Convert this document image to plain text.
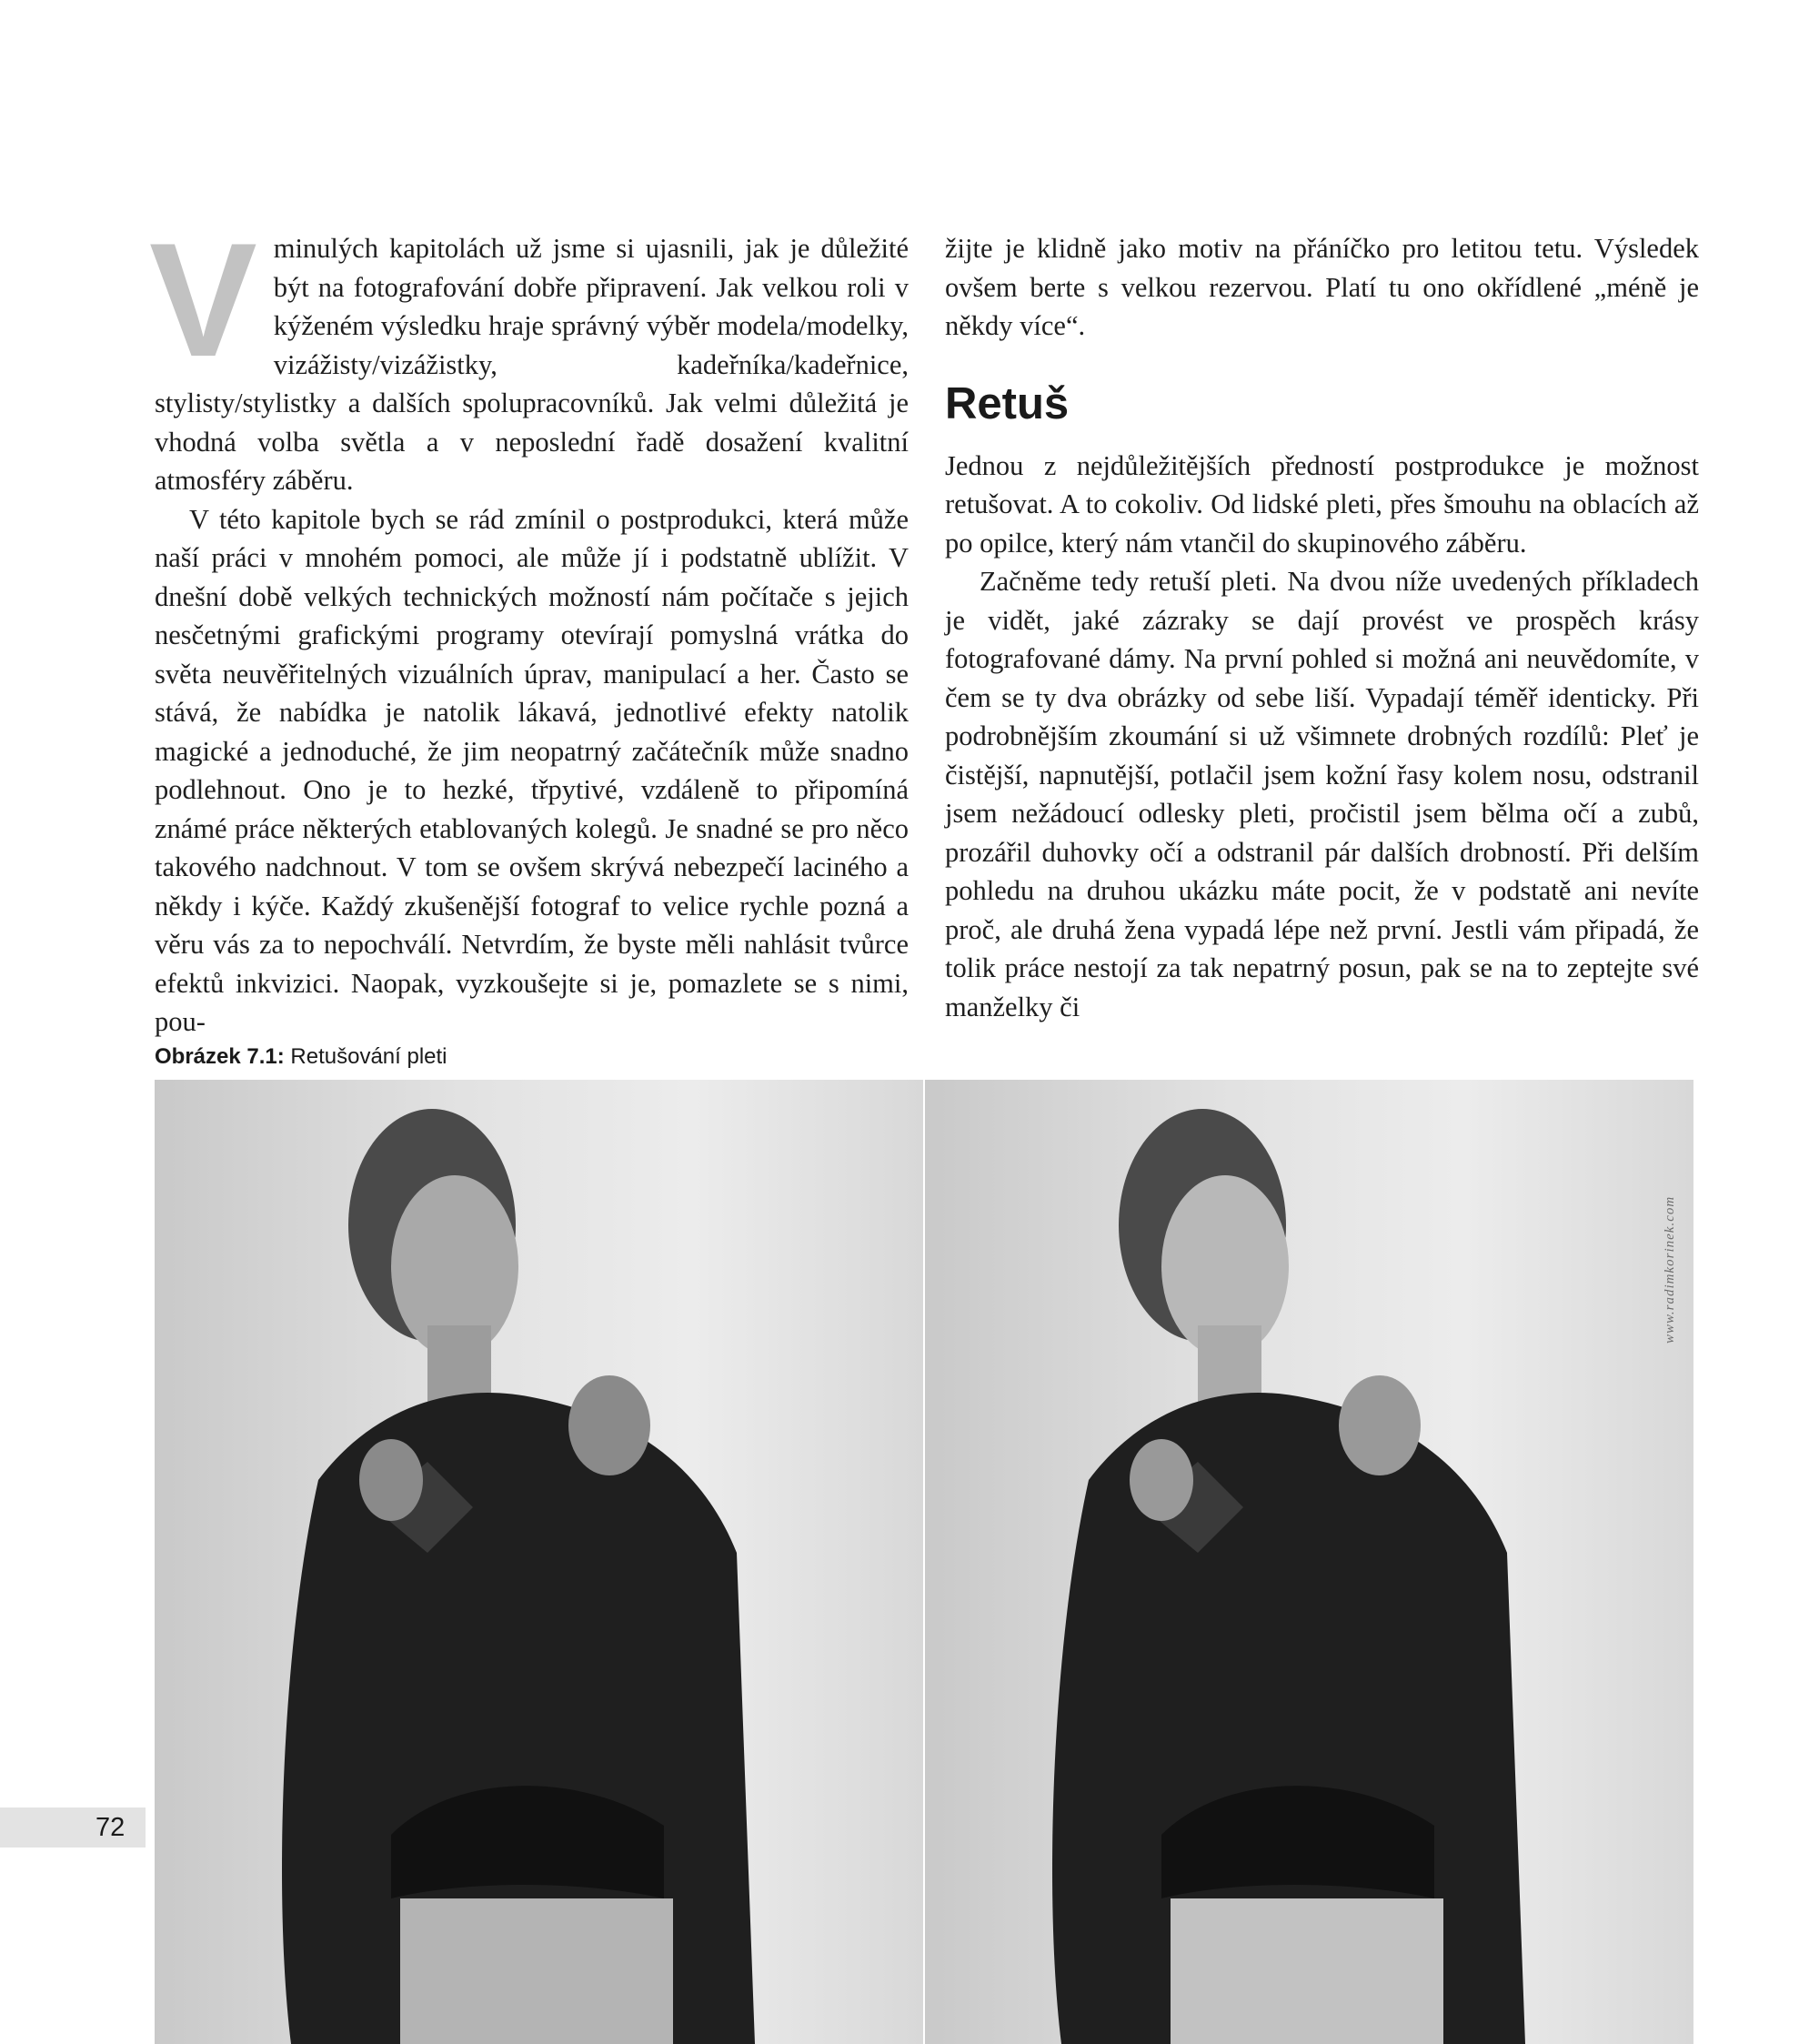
V minulých kapitolách už jsme si ujasnili, jak je důležité být na fotografování dobře připravení. Jak velkou roli v kýženém výsledku hraje správný výběr modela/modelky, vizážisty/vizážistky, kadeřníka/kadeřnice, stylisty/stylistky a dalších spolupracovníků. Jak velmi důležitá je vhodná volba světla a v neposlední řadě dosažení kvalitní atmosféry záběru.

V této kapitole bych se rád zmínil o postprodukci, která může naší práci v mnohém pomoci, ale může jí i podstatně ublížit. V dnešní době velkých technických možností nám počítače s jejich nesčetnými grafickými programy otevírají pomyslná vrátka do světa neuvěřitelných vizuálních úprav, manipulací a her. Často se stává, že nabídka je natolik lákavá, jednotlivé efekty natolik magické a jednoduché, že jim neopatrný začátečník může snadno podlehnout. Ono je to hezké, třpytivé, vzdáleně to připomíná známé práce některých etablovaných kolegů. Je snadné se pro něco takového nadchnout. V tom se ovšem skrývá nebezpečí laciného a někdy i kýče. Každý zkušenější fotograf to velice rychle pozná a věru vás za to nepochválí. Netvrdím, že byste měli nahlásit tvůrce efektů inkvizici. Naopak, vyzkoušejte si je, pomazlete se s nimi, pou-

žijte je klidně jako motiv na přáníčko pro letitou tetu. Výsledek ovšem berte s velkou rezervou. Platí tu ono okřídlené „méně je někdy více“.

Retuš

Jednou z nejdůležitějších předností postprodukce je možnost retušovat. A to cokoliv. Od lidské pleti, přes šmouhu na oblacích až po opilce, který nám vtančil do skupinového záběru.

Začněme tedy retuší pleti. Na dvou níže uvedených příkladech je vidět, jaké zázraky se dají provést ve prospěch krásy fotografované dámy. Na první pohled si možná ani neuvědomíte, v čem se ty dva obrázky od sebe liší. Vypadají téměř identicky. Při podrobnějším zkoumání si už všimnete drobných rozdílů: Pleť je čistější, napnutější, potlačil jsem kožní řasy kolem nosu, odstranil jsem nežádoucí odlesky pleti, pročistil jsem bělma očí a zubů, prozářil duhovky očí a odstranil pár dalších drobností. Při delším pohledu na druhou ukázku máte pocit, že v podstatě ani nevíte proč, ale druhá žena vypadá lépe než první. Jestli vám připadá, že tolik práce nestojí za tak nepatrný posun, pak se na to zeptejte své manželky či

Obrázek 7.1: Retušování pleti
www.radimkorinek.com
72
